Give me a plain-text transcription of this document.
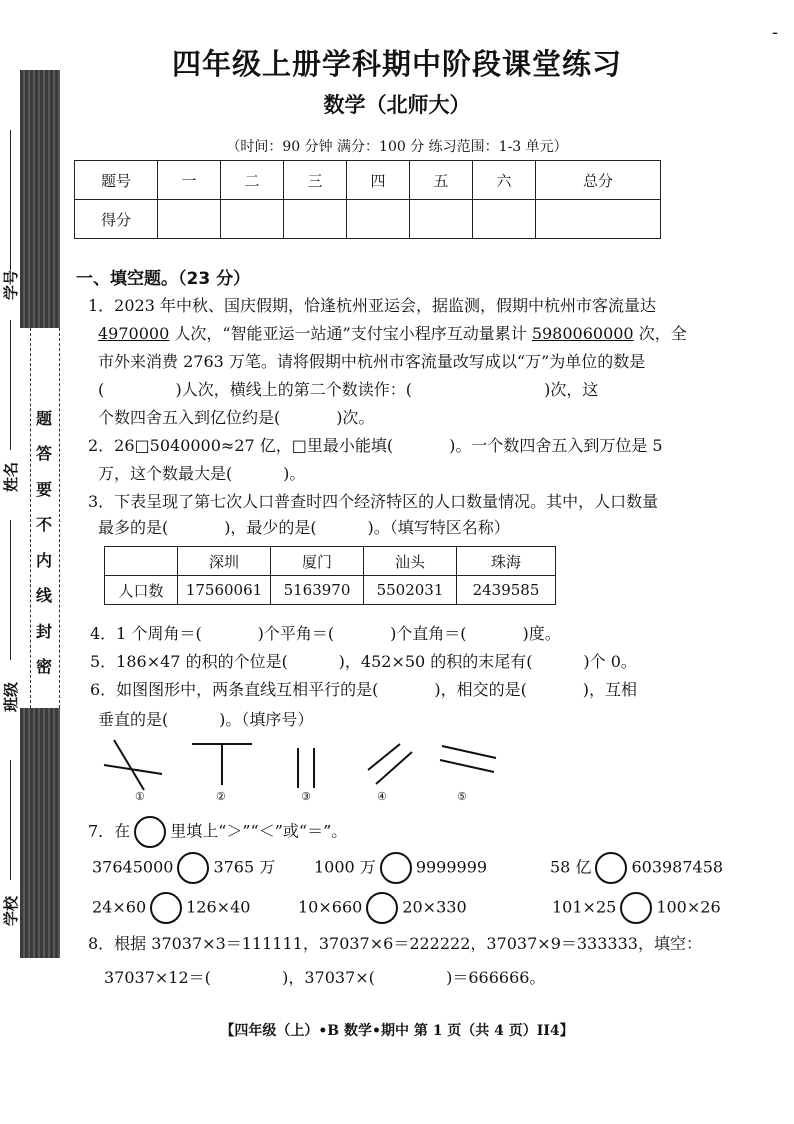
-
题
答
要
不
内
线
封
密
学号
姓名
班级
学校
四年级上册学科期中阶段课堂练习
数学（北师大）
（时间：90 分钟 满分：100 分 练习范围：1-3 单元）
题号	一	二	三	四	五	六	总分
得分							
一、填空题。（23 分）
1．2023 年中秋、国庆假期，恰逢杭州亚运会，据监测，假期中杭州市客流量达
4970000 人次，“智能亚运一站通”支付宝小程序互动量累计 5980060000 次，全
市外来消费 2763 万笔。请将假期中杭州市客流量改写成以“万”为单位的数是
(              )人次，横线上的第二个数读作：(                          )次，这
个数四舍五入到亿位约是(           )次。
2．26□5040000≈27 亿，□里最小能填(           )。一个数四舍五入到万位是 5
万，这个数最大是(          )。
3．下表呈现了第七次人口普查时四个经济特区的人口数量情况。其中，人口数量
最多的是(           )，最少的是(          )。（填写特区名称）
	深圳	厦门	汕头	珠海
人口数	17560061	5163970	5502031	2439585
4．1 个周角＝(           )个平角＝(           )个直角＝(           )度。
5．186×47 的积的个位是(          )，452×50 的积的末尾有(          )个 0。
6．如图图形中，两条直线互相平行的是(           )，相交的是(           )，互相
垂直的是(          )。（填序号）
①	②	③	④	⑤
7．在	里填上“＞”“＜”或“＝”。
37645000	3765 万 1000 万	9999999	58 亿	603987458
24×60	126×40	10×660	20×330	101×25	100×26
8．根据 37037×3＝111111，37037×6＝222222，37037×9＝333333，填空：
37037×12＝(              )，37037×(              )＝666666。
【四年级（上）•B 数学•期中 第 1 页（共 4 页）II4】
